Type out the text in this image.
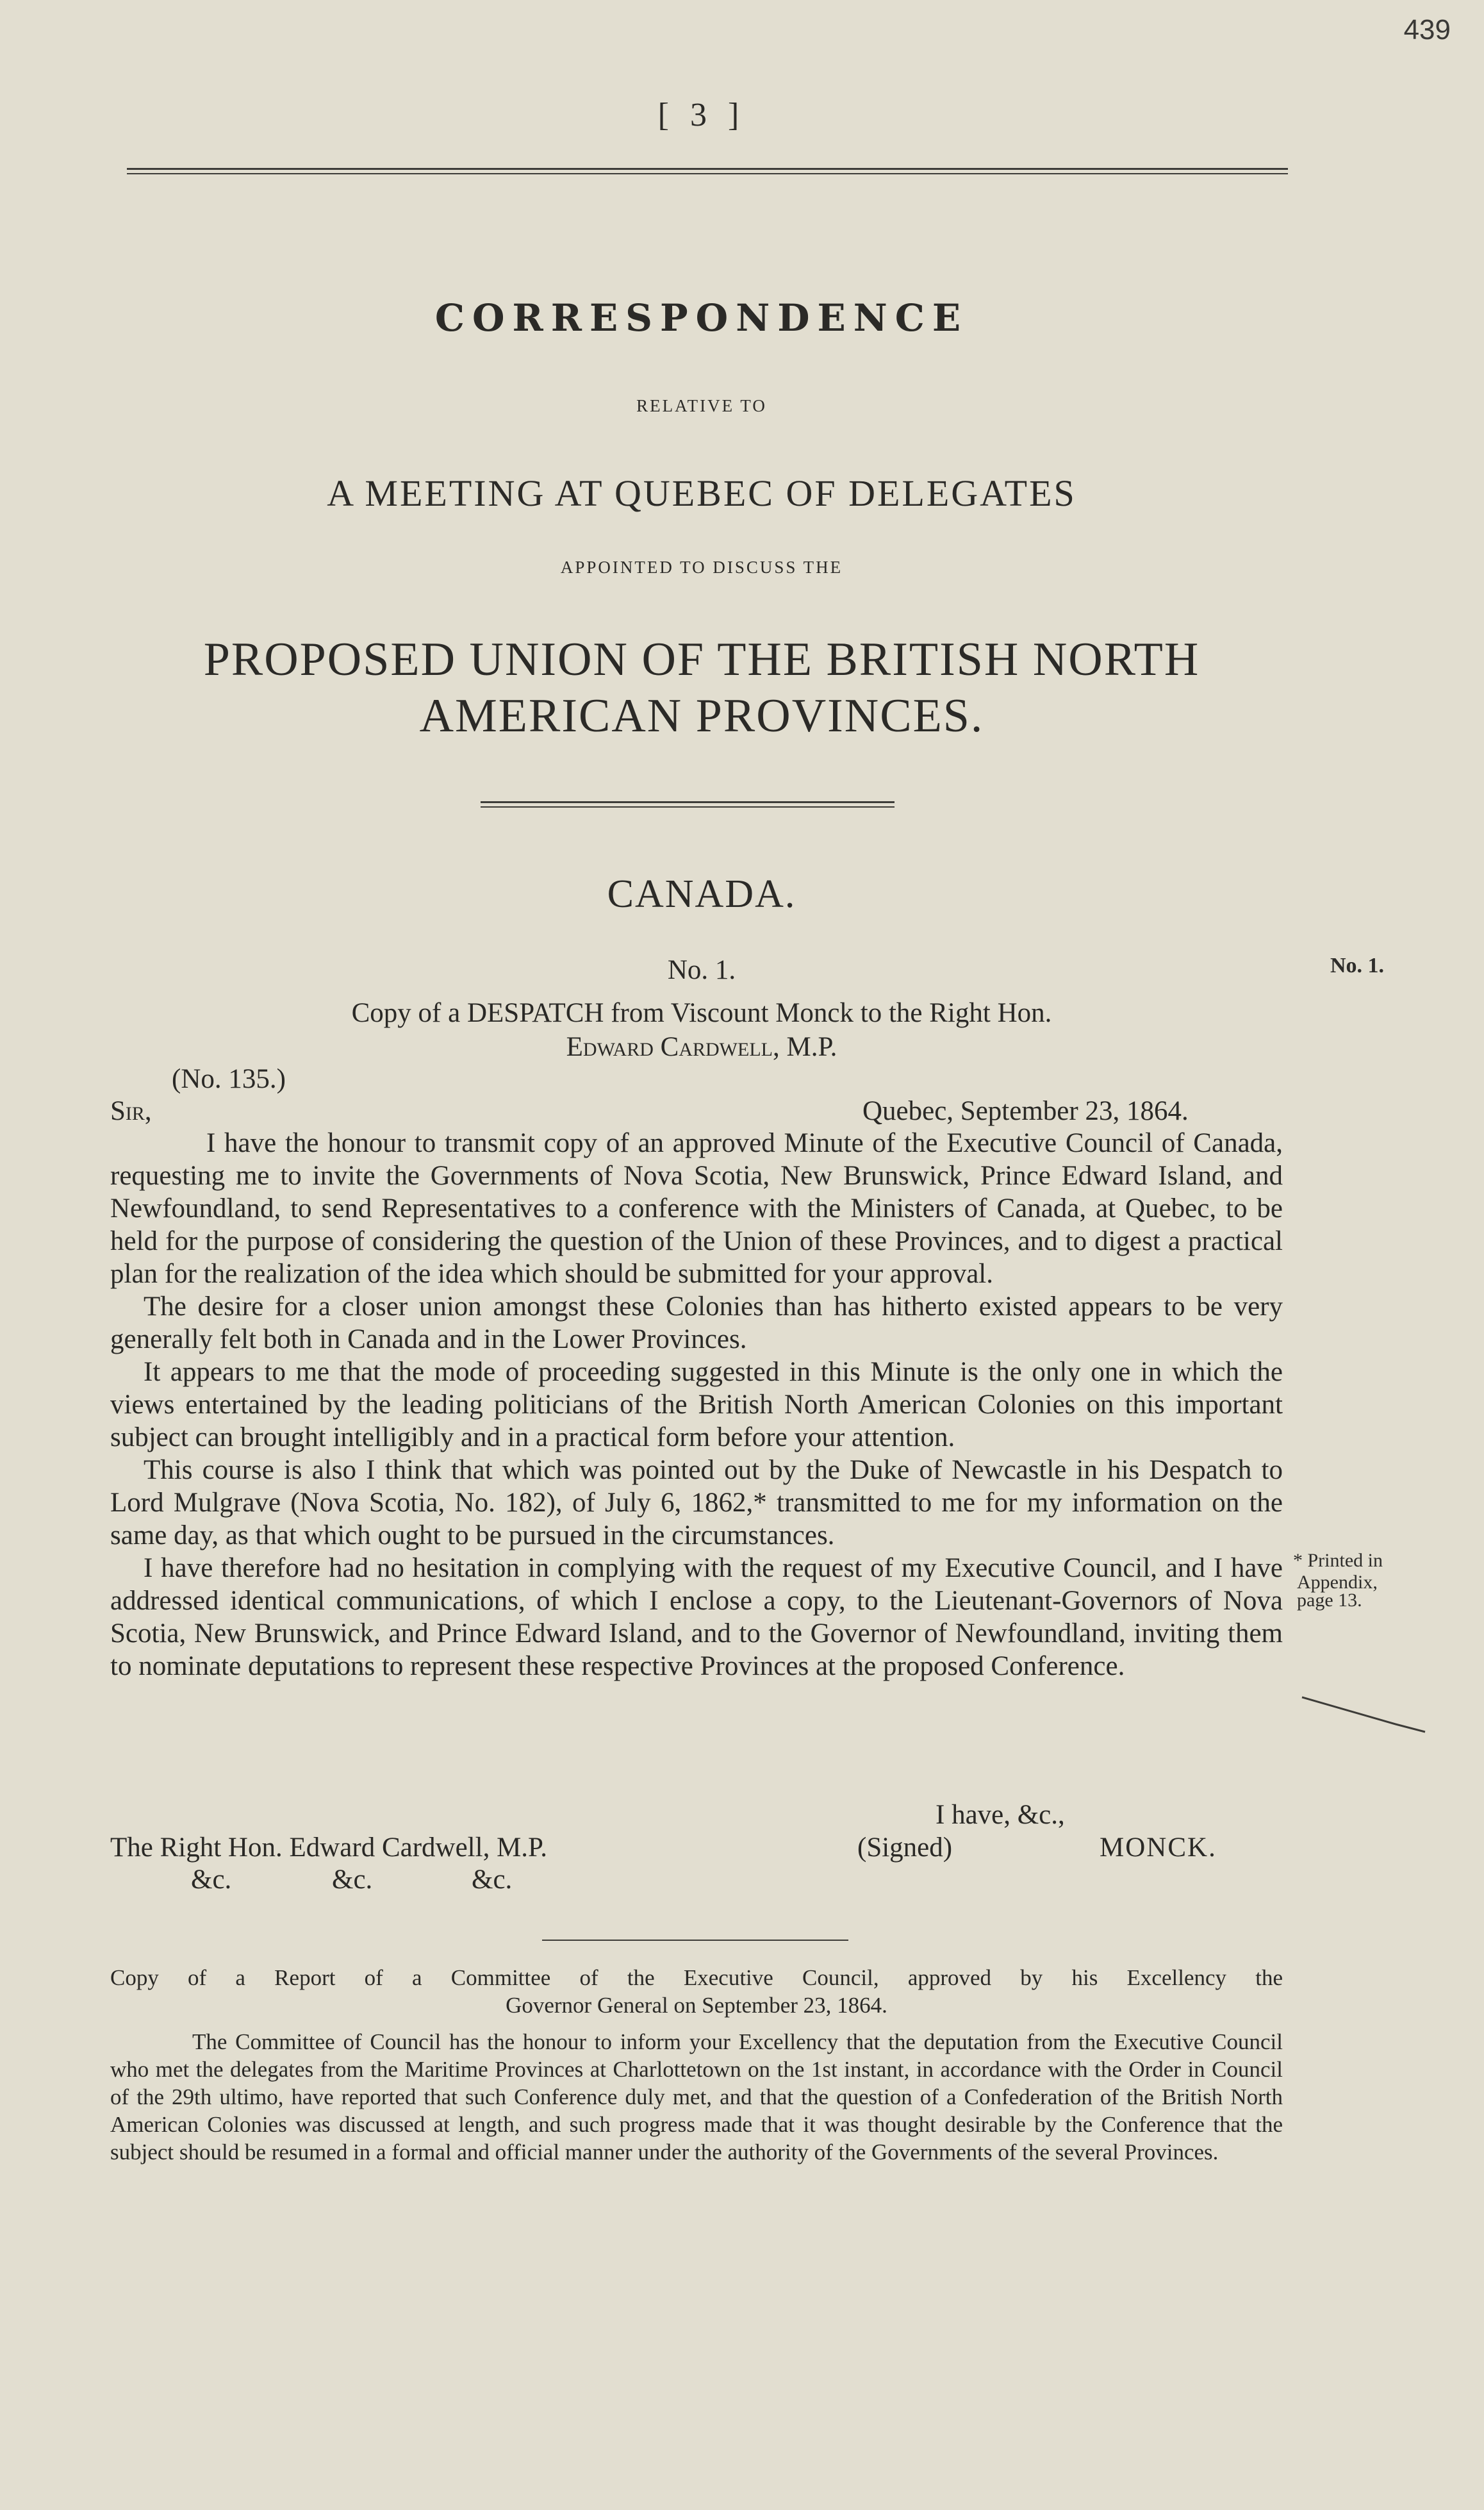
439
[ 3 ]
CORRESPONDENCE
RELATIVE TO
A MEETING AT QUEBEC OF DELEGATES
APPOINTED TO DISCUSS THE
PROPOSED UNION OF THE BRITISH NORTH
AMERICAN PROVINCES.
CANADA.
No. 1.	No. 1.
Copy of a DESPATCH from Viscount Monck to the Right Hon.
Edward Cardwell, M.P.
(No. 135.)
Sir,	Quebec, September 23, 1864.
I have the honour to transmit copy of an approved Minute of the Executive Council of Canada, requesting me to invite the Governments of Nova Scotia, New Brunswick, Prince Edward Island, and Newfoundland, to send Representatives to a conference with the Ministers of Canada, at Quebec, to be held for the purpose of considering the question of the Union of these Provinces, and to digest a practical plan for the realization of the idea which should be submitted for your approval.
The desire for a closer union amongst these Colonies than has hitherto existed appears to be very generally felt both in Canada and in the Lower Provinces.
It appears to me that the mode of proceeding suggested in this Minute is the only one in which the views entertained by the leading politicians of the British North American Colonies on this important subject can brought intelligibly and in a practical form before your attention.
This course is also I think that which was pointed out by the Duke of Newcastle in his Despatch to Lord Mulgrave (Nova Scotia, No. 182), of July 6, 1862,* transmitted to me for my information on the same day, as that which ought to be pursued in the circumstances.
I have therefore had no hesitation in complying with the request of my Executive Council, and I have addressed identical communications, of which I enclose a copy, to the Lieutenant-Governors of Nova Scotia, New Brunswick, and Prince Edward Island, and to the Governor of Newfoundland, inviting them to nominate deputations to represent these respective Provinces at the proposed Conference.
* Printed in
Appendix,
page 13.
I have, &c.,
The Right Hon. Edward Cardwell, M.P.	(Signed)	MONCK.
&c.	&c.	&c.
Copy of a Report of a Committee of the Executive Council, approved by his Excellency the
Governor General on September 23, 1864.
The Committee of Council has the honour to inform your Excellency that the deputation from the Executive Council who met the delegates from the Maritime Provinces at Charlottetown on the 1st instant, in accordance with the Order in Council of the 29th ultimo, have reported that such Conference duly met, and that the question of a Confederation of the British North American Colonies was discussed at length, and such progress made that it was thought desirable by the Conference that the subject should be resumed in a formal and official manner under the authority of the Governments of the several Provinces.
